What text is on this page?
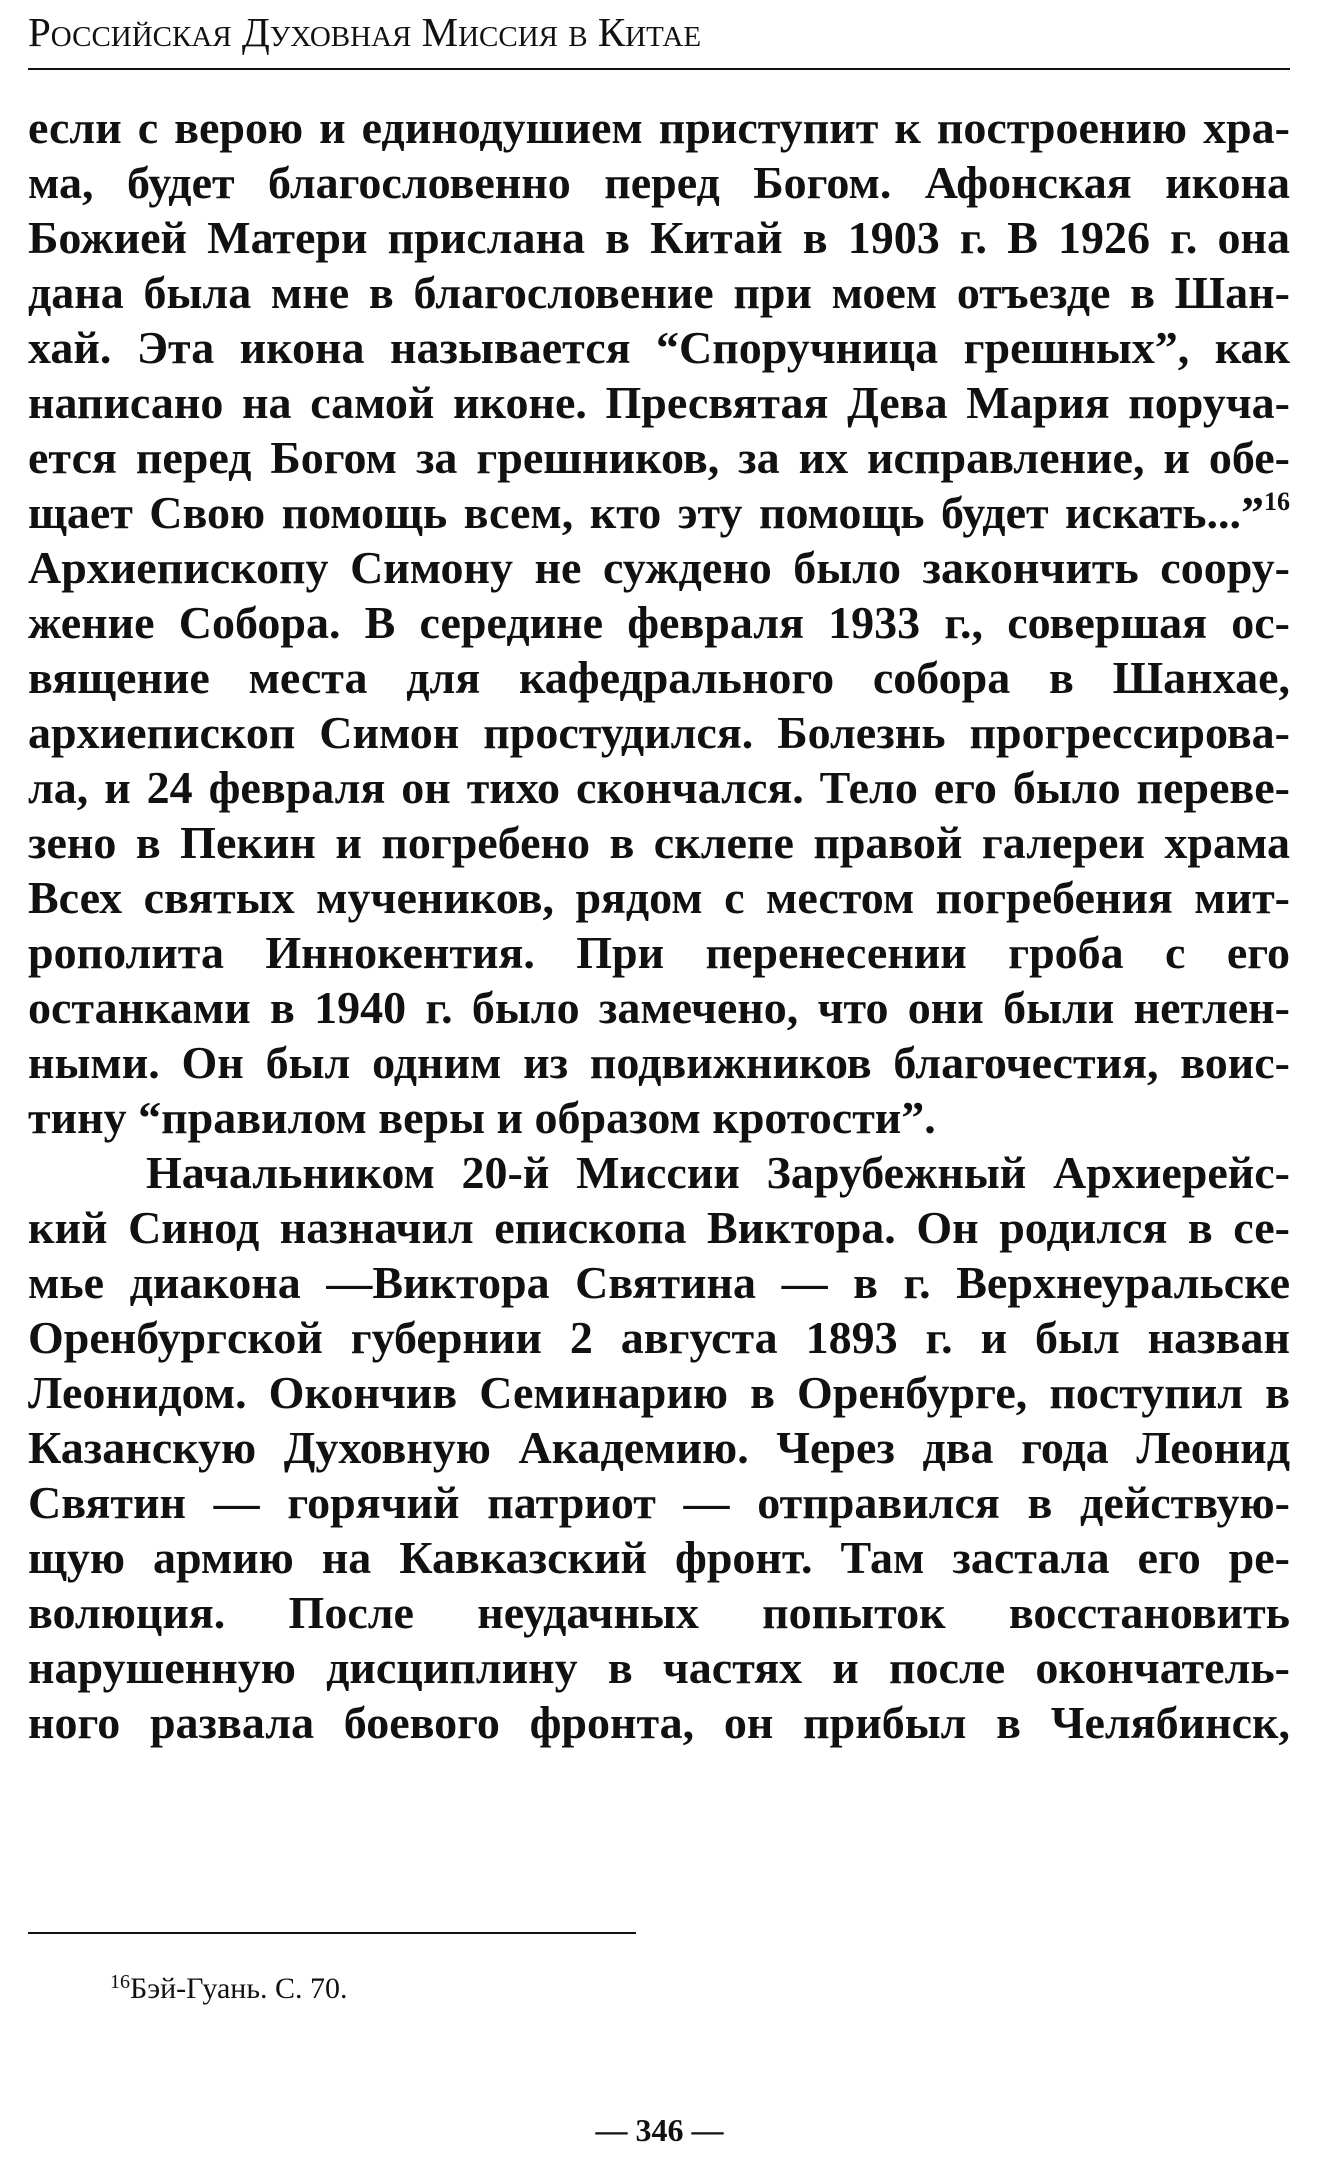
Российская Духовная Миссия в Китае
если с верою и единодушием приступит к построению хра-
ма, будет благословенно перед Богом. Афонская икона
Божией Матери прислана в Китай в 1903 г. В 1926 г. она
дана была мне в благословение при моем отъезде в Шан-
хай. Эта икона называется “Споручница грешных”, как
написано на самой иконе. Пресвятая Дева Мария поруча-
ется перед Богом за грешников, за их исправление, и обе-
щает Свою помощь всем, кто эту помощь будет искать...”$^{16}$
Архиепископу Симону не суждено было закончить соору-
жение Собора. В середине февраля 1933 г., совершая ос-
вящение места для кафедрального собора в Шанхае,
архиепископ Симон простудился. Болезнь прогрессирова-
ла, и 24 февраля он тихо скончался. Тело его было переве-
зено в Пекин и погребено в склепе правой галереи храма
Всех святых мучеников, рядом с местом погребения мит-
рополита Иннокентия. При перенесении гроба с его
останками в 1940 г. было замечено, что они были нетлен-
ными. Он был одним из подвижников благочестия, воис-
тину “правилом веры и образом кротости”.
Начальником 20-й Миссии Зарубежный Архиерейс-
кий Синод назначил епископа Виктора. Он родился в се-
мье диакона —Виктора Святина — в г. Верхнеуральске
Оренбургской губернии 2 августа 1893 г. и был назван
Леонидом. Окончив Семинарию в Оренбурге, поступил в
Казанскую Духовную Академию. Через два года Леонид
Святин — горячий патриот — отправился в действую-
щую армию на Кавказский фронт. Там застала его ре-
волюция. После неудачных попыток восстановить
нарушенную дисциплину в частях и после окончатель-
ного развала боевого фронта, он прибыл в Челябинск,
$^{16}$Бэй-Гуань. С. 70.
— 346 —
